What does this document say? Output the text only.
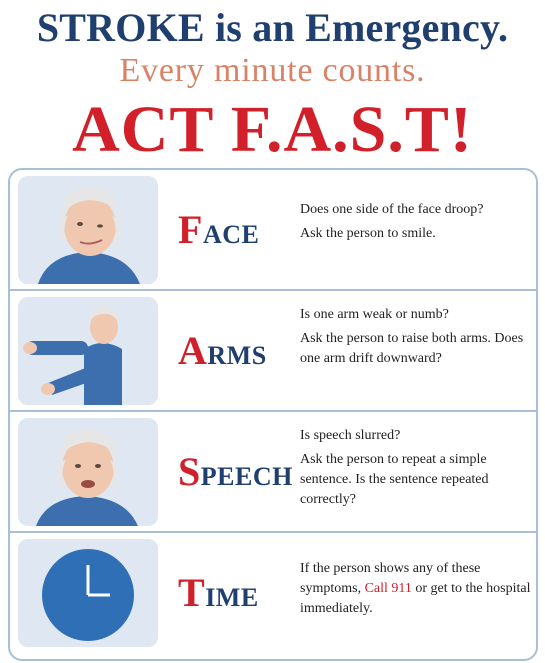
STROKE is an Emergency.
Every minute counts.
ACT F.A.S.T!
FACE

Does one side of the face droop?

Ask the person to smile.

ARMS

Is one arm weak or numb?

Ask the person to raise both arms. Does one arm drift downward?

SPEECH

Is speech slurred?

Ask the person to repeat a simple sentence. Is the sentence repeated correctly?

TIME

If the person shows any of these symptoms, Call 911 or get to the hospital immediately.
